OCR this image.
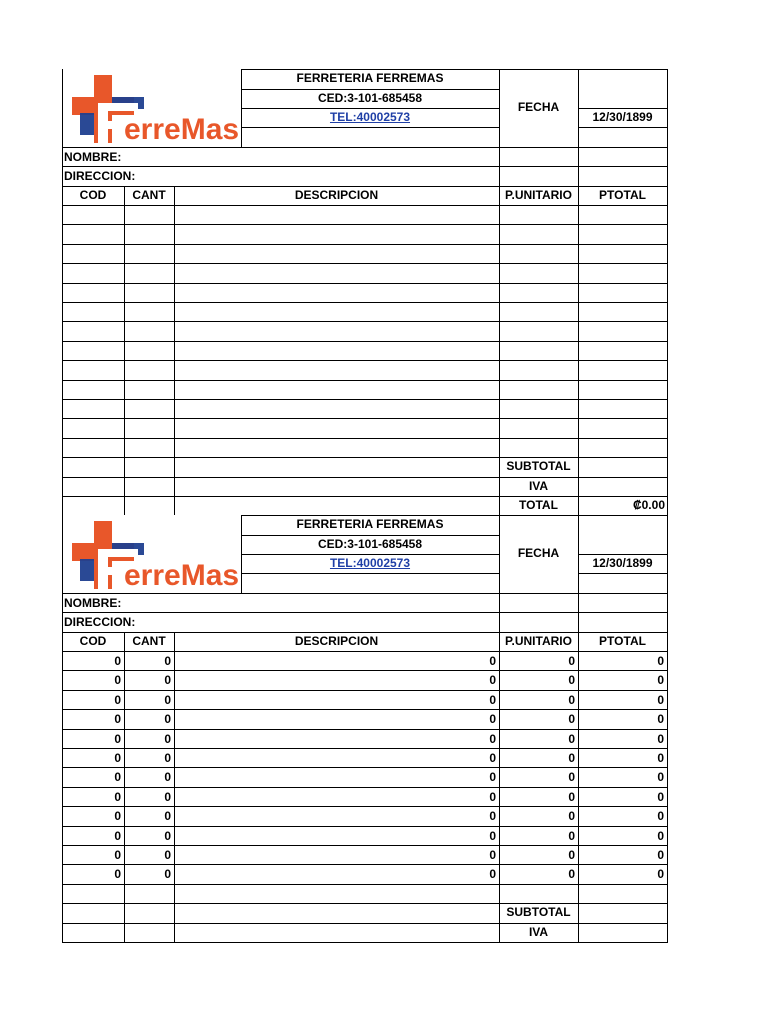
erreMas
FERRETERIA FERREMAS
CED:3-101-685458
TEL:40002573
FECHA
12/30/1899
NOMBRE:
DIRECCION:
COD	CANT	DESCRIPCION	P.UNITARIO	PTOTAL
SUBTOTAL
IVA
TOTAL	₡0.00
erreMas
FERRETERIA FERREMAS
CED:3-101-685458
TEL:40002573
FECHA
12/30/1899
NOMBRE:
DIRECCION:
COD	CANT	DESCRIPCION	P.UNITARIO	PTOTAL
0	0	0	0	0
0	0	0	0	0
0	0	0	0	0
0	0	0	0	0
0	0	0	0	0
0	0	0	0	0
0	0	0	0	0
0	0	0	0	0
0	0	0	0	0
0	0	0	0	0
0	0	0	0	0
0	0	0	0	0
SUBTOTAL
IVA
